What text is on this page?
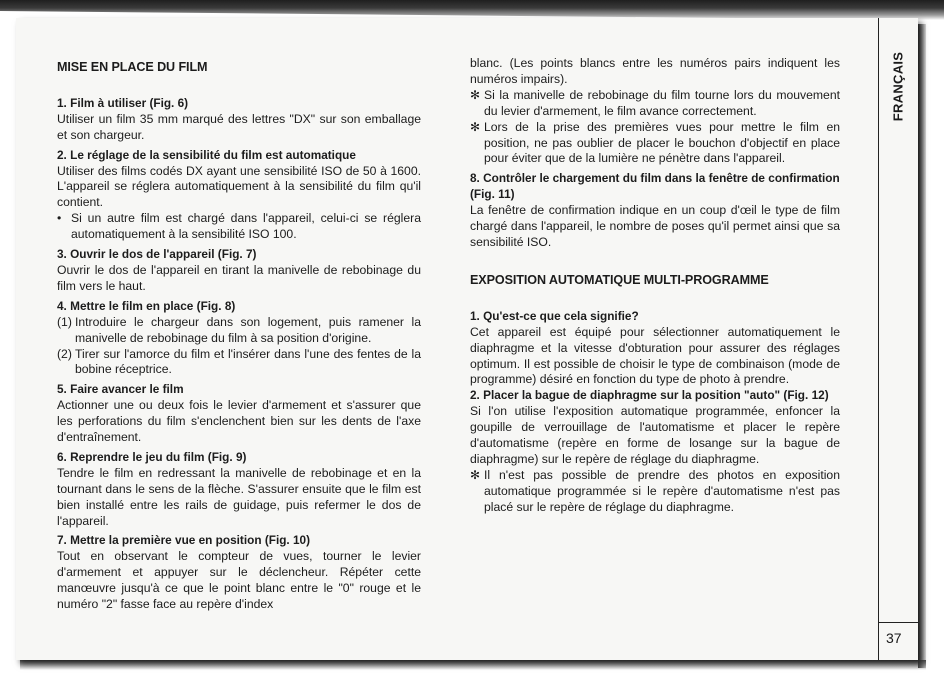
FRANÇAIS
37

MISE EN PLACE DU FILM

1. Film à utiliser (Fig. 6)

Utiliser un film 35 mm marqué des lettres "DX" sur son emballage et son chargeur.

2. Le réglage de la sensibilité du film est automatique

Utiliser des films codés DX ayant une sensibilité ISO de 50 à 1600. L'appareil se réglera automatiquement à la sensibilité du film qu'il contient.

• Si un autre film est chargé dans l'appareil, celui-ci se réglera automatiquement à la sensibilité ISO 100.

3. Ouvrir le dos de l'appareil (Fig. 7)

Ouvrir le dos de l'appareil en tirant la manivelle de rebobinage du film vers le haut.

4. Mettre le film en place (Fig. 8)

(1) Introduire le chargeur dans son logement, puis ramener la manivelle de rebobinage du film à sa position d'origine.
(2) Tirer sur l'amorce du film et l'insérer dans l'une des fentes de la bobine réceptrice.

5. Faire avancer le film

Actionner une ou deux fois le levier d'armement et s'assurer que les perforations du film s'enclenchent bien sur les dents de l'axe d'entraînement.

6. Reprendre le jeu du film (Fig. 9)

Tendre le film en redressant la manivelle de rebobinage et en la tournant dans le sens de la flèche. S'assurer ensuite que le film est bien installé entre les rails de guidage, puis refermer le dos de l'appareil.

7. Mettre la première vue en position (Fig. 10)

Tout en observant le compteur de vues, tourner le levier d'armement et appuyer sur le déclencheur. Répéter cette manœuvre jusqu'à ce que le point blanc entre le "0" rouge et le numéro "2" fasse face au repère d'index

blanc. (Les points blancs entre les numéros pairs indiquent les numéros impairs).

✻ Si la manivelle de rebobinage du film tourne lors du mouvement du levier d'armement, le film avance correctement.
✻ Lors de la prise des premières vues pour mettre le film en position, ne pas oublier de placer le bouchon d'objectif en place pour éviter que de la lumière ne pénètre dans l'appareil.

8. Contrôler le chargement du film dans la fenêtre de confirmation (Fig. 11)

La fenêtre de confirmation indique en un coup d'œil le type de film chargé dans l'appareil, le nombre de poses qu'il permet ainsi que sa sensibilité ISO.

EXPOSITION AUTOMATIQUE MULTI-PROGRAMME

1. Qu'est-ce que cela signifie?

Cet appareil est équipé pour sélectionner automatiquement le diaphragme et la vitesse d'obturation pour assurer des réglages optimum. Il est possible de choisir le type de combinaison (mode de programme) désiré en fonction du type de photo à prendre.

2. Placer la bague de diaphragme sur la position "auto" (Fig. 12)

Si l'on utilise l'exposition automatique programmée, enfoncer la goupille de verrouillage de l'automatisme et placer le repère d'automatisme (repère en forme de losange sur la bague de diaphragme) sur le repère de réglage du diaphragme.

✻ Il n'est pas possible de prendre des photos en exposition automatique programmée si le repère d'automatisme n'est pas placé sur le repère de réglage du diaphragme.
